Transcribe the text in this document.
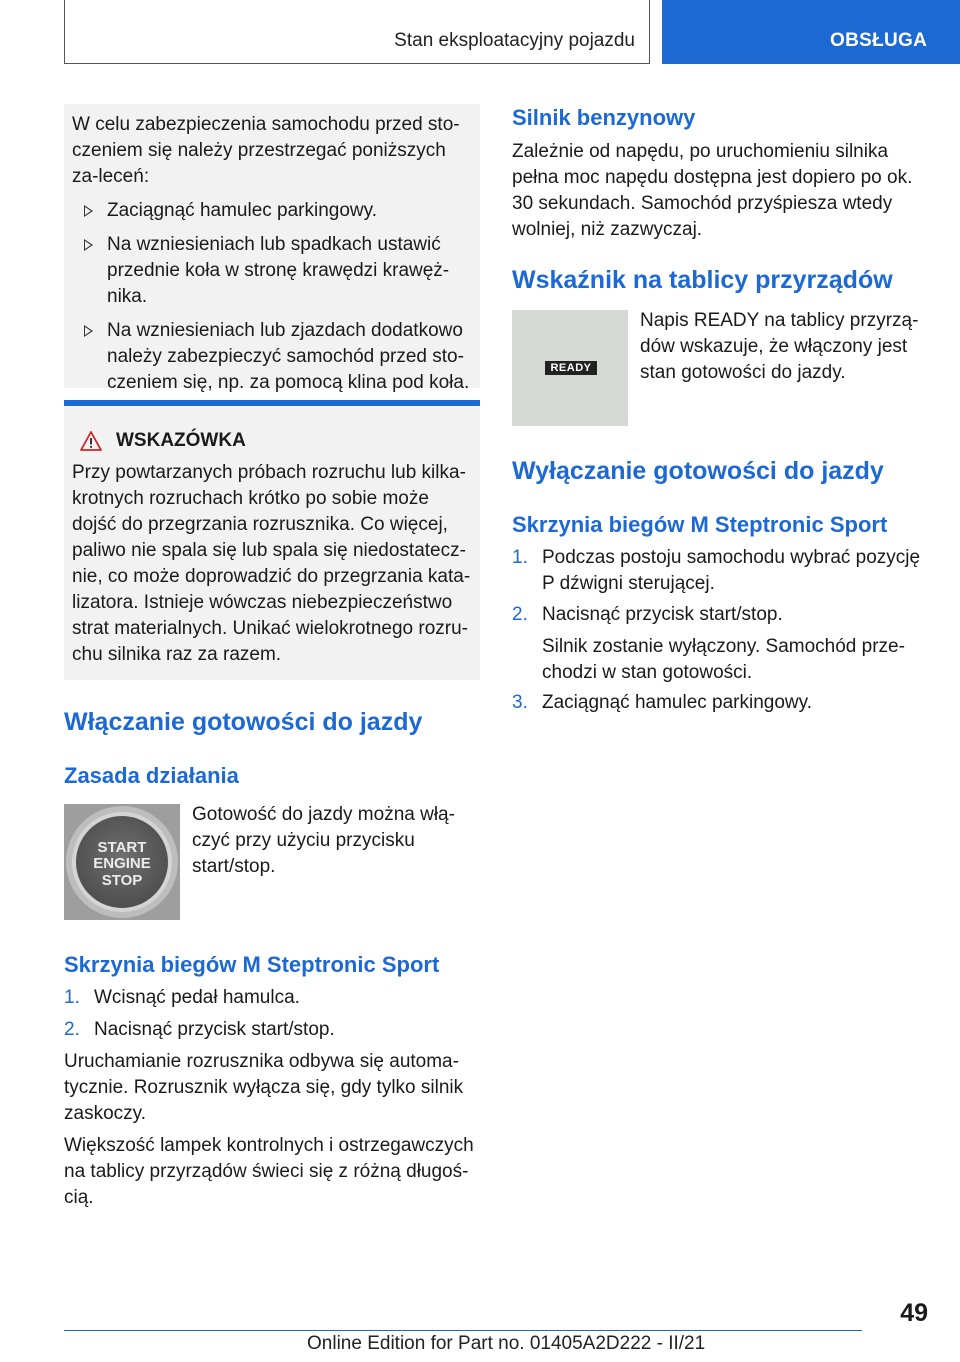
Stan eksploatacyjny pojazdu	OBSŁUGA

W celu zabezpieczenia samochodu przed sto-czeniem się należy przestrzegać poniższych za-leceń:

Zaciągnąć hamulec parkingowy.
Na wzniesieniach lub spadkach ustawić przednie koła w stronę krawędzi krawęż-nika.
Na wzniesieniach lub zjazdach dodatkowo należy zabezpieczyć samochód przed sto-czeniem się, np. za pomocą klina pod koła.
WSKAZÓWKA

Przy powtarzanych próbach rozruchu lub kilka-krotnych rozruchach krótko po sobie może dojść do przegrzania rozrusznika. Co więcej, paliwo nie spala się lub spala się niedostatecz-nie, co może doprowadzić do przegrzania kata-lizatora. Istnieje wówczas niebezpieczeństwo strat materialnych. Unikać wielokrotnego rozru-chu silnika raz za razem.

Włączanie gotowości do jazdy
Zasada działania
START
ENGINE
STOP

Gotowość do jazdy można włą-czyć przy użyciu przycisku start/stop.

Skrzynia biegów M Steptronic Sport
1. Wcisnąć pedał hamulca.
2. Nacisnąć przycisk start/stop.

Uruchamianie rozrusznika odbywa się automa-tycznie. Rozrusznik wyłącza się, gdy tylko silnik zaskoczy.

Większość lampek kontrolnych i ostrzegawczych na tablicy przyrządów świeci się z różną długoś-cią.

Silnik benzynowy

Zależnie od napędu, po uruchomieniu silnika pełna moc napędu dostępna jest dopiero po ok. 30 sekundach. Samochód przyśpiesza wtedy wolniej, niż zazwyczaj.

Wskaźnik na tablicy przyrządów
READY

Napis READY na tablicy przyrzą-dów wskazuje, że włączony jest stan gotowości do jazdy.

Wyłączanie gotowości do jazdy
Skrzynia biegów M Steptronic Sport
1. Podczas postoju samochodu wybrać pozycję P dźwigni sterującej.
2. Nacisnąć przycisk start/stop.
Silnik zostanie wyłączony. Samochód prze-chodzi w stan gotowości.
3. Zaciągnąć hamulec parkingowy.
49
Online Edition for Part no. 01405A2D222 - II/21
